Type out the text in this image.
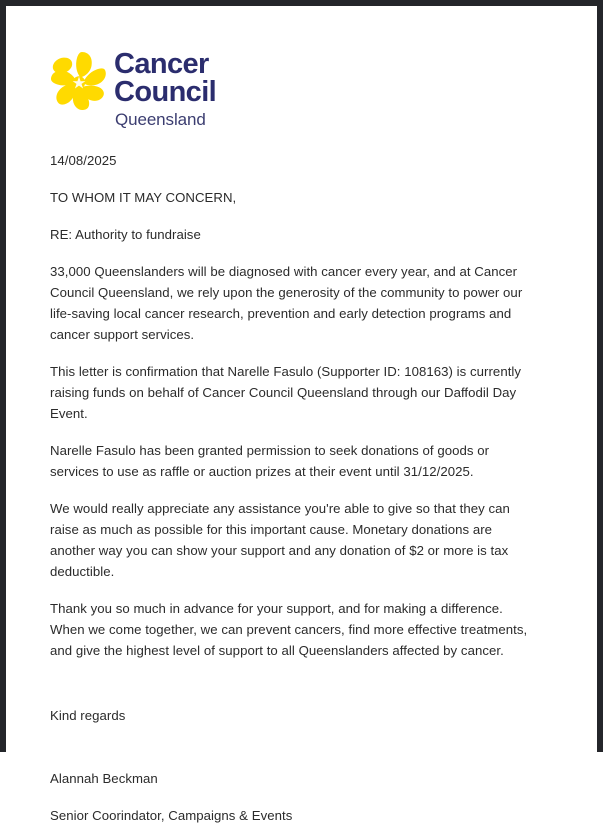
Cancer
Council
Queensland

14/08/2025

TO WHOM IT MAY CONCERN,

RE: Authority to fundraise

33,000 Queenslanders will be diagnosed with cancer every year, and at Cancer Council Queensland, we rely upon the generosity of the community to power our life-saving local cancer research, prevention and early detection programs and cancer support services.

This letter is confirmation that Narelle Fasulo (Supporter ID: 108163) is currently raising funds on behalf of Cancer Council Queensland through our Daffodil Day Event.

Narelle Fasulo has been granted permission to seek donations of goods or services to use as raffle or auction prizes at their event until 31/12/2025.

We would really appreciate any assistance you're able to give so that they can raise as much as possible for this important cause. Monetary donations are another way you can show your support and any donation of $2 or more is tax deductible.

Thank you so much in advance for your support, and for making a difference. When we come together, we can prevent cancers, find more effective treatments, and give the highest level of support to all Queenslanders affected by cancer.

Kind regards

Alannah Beckman

Senior Coorindator, Campaigns & Events
